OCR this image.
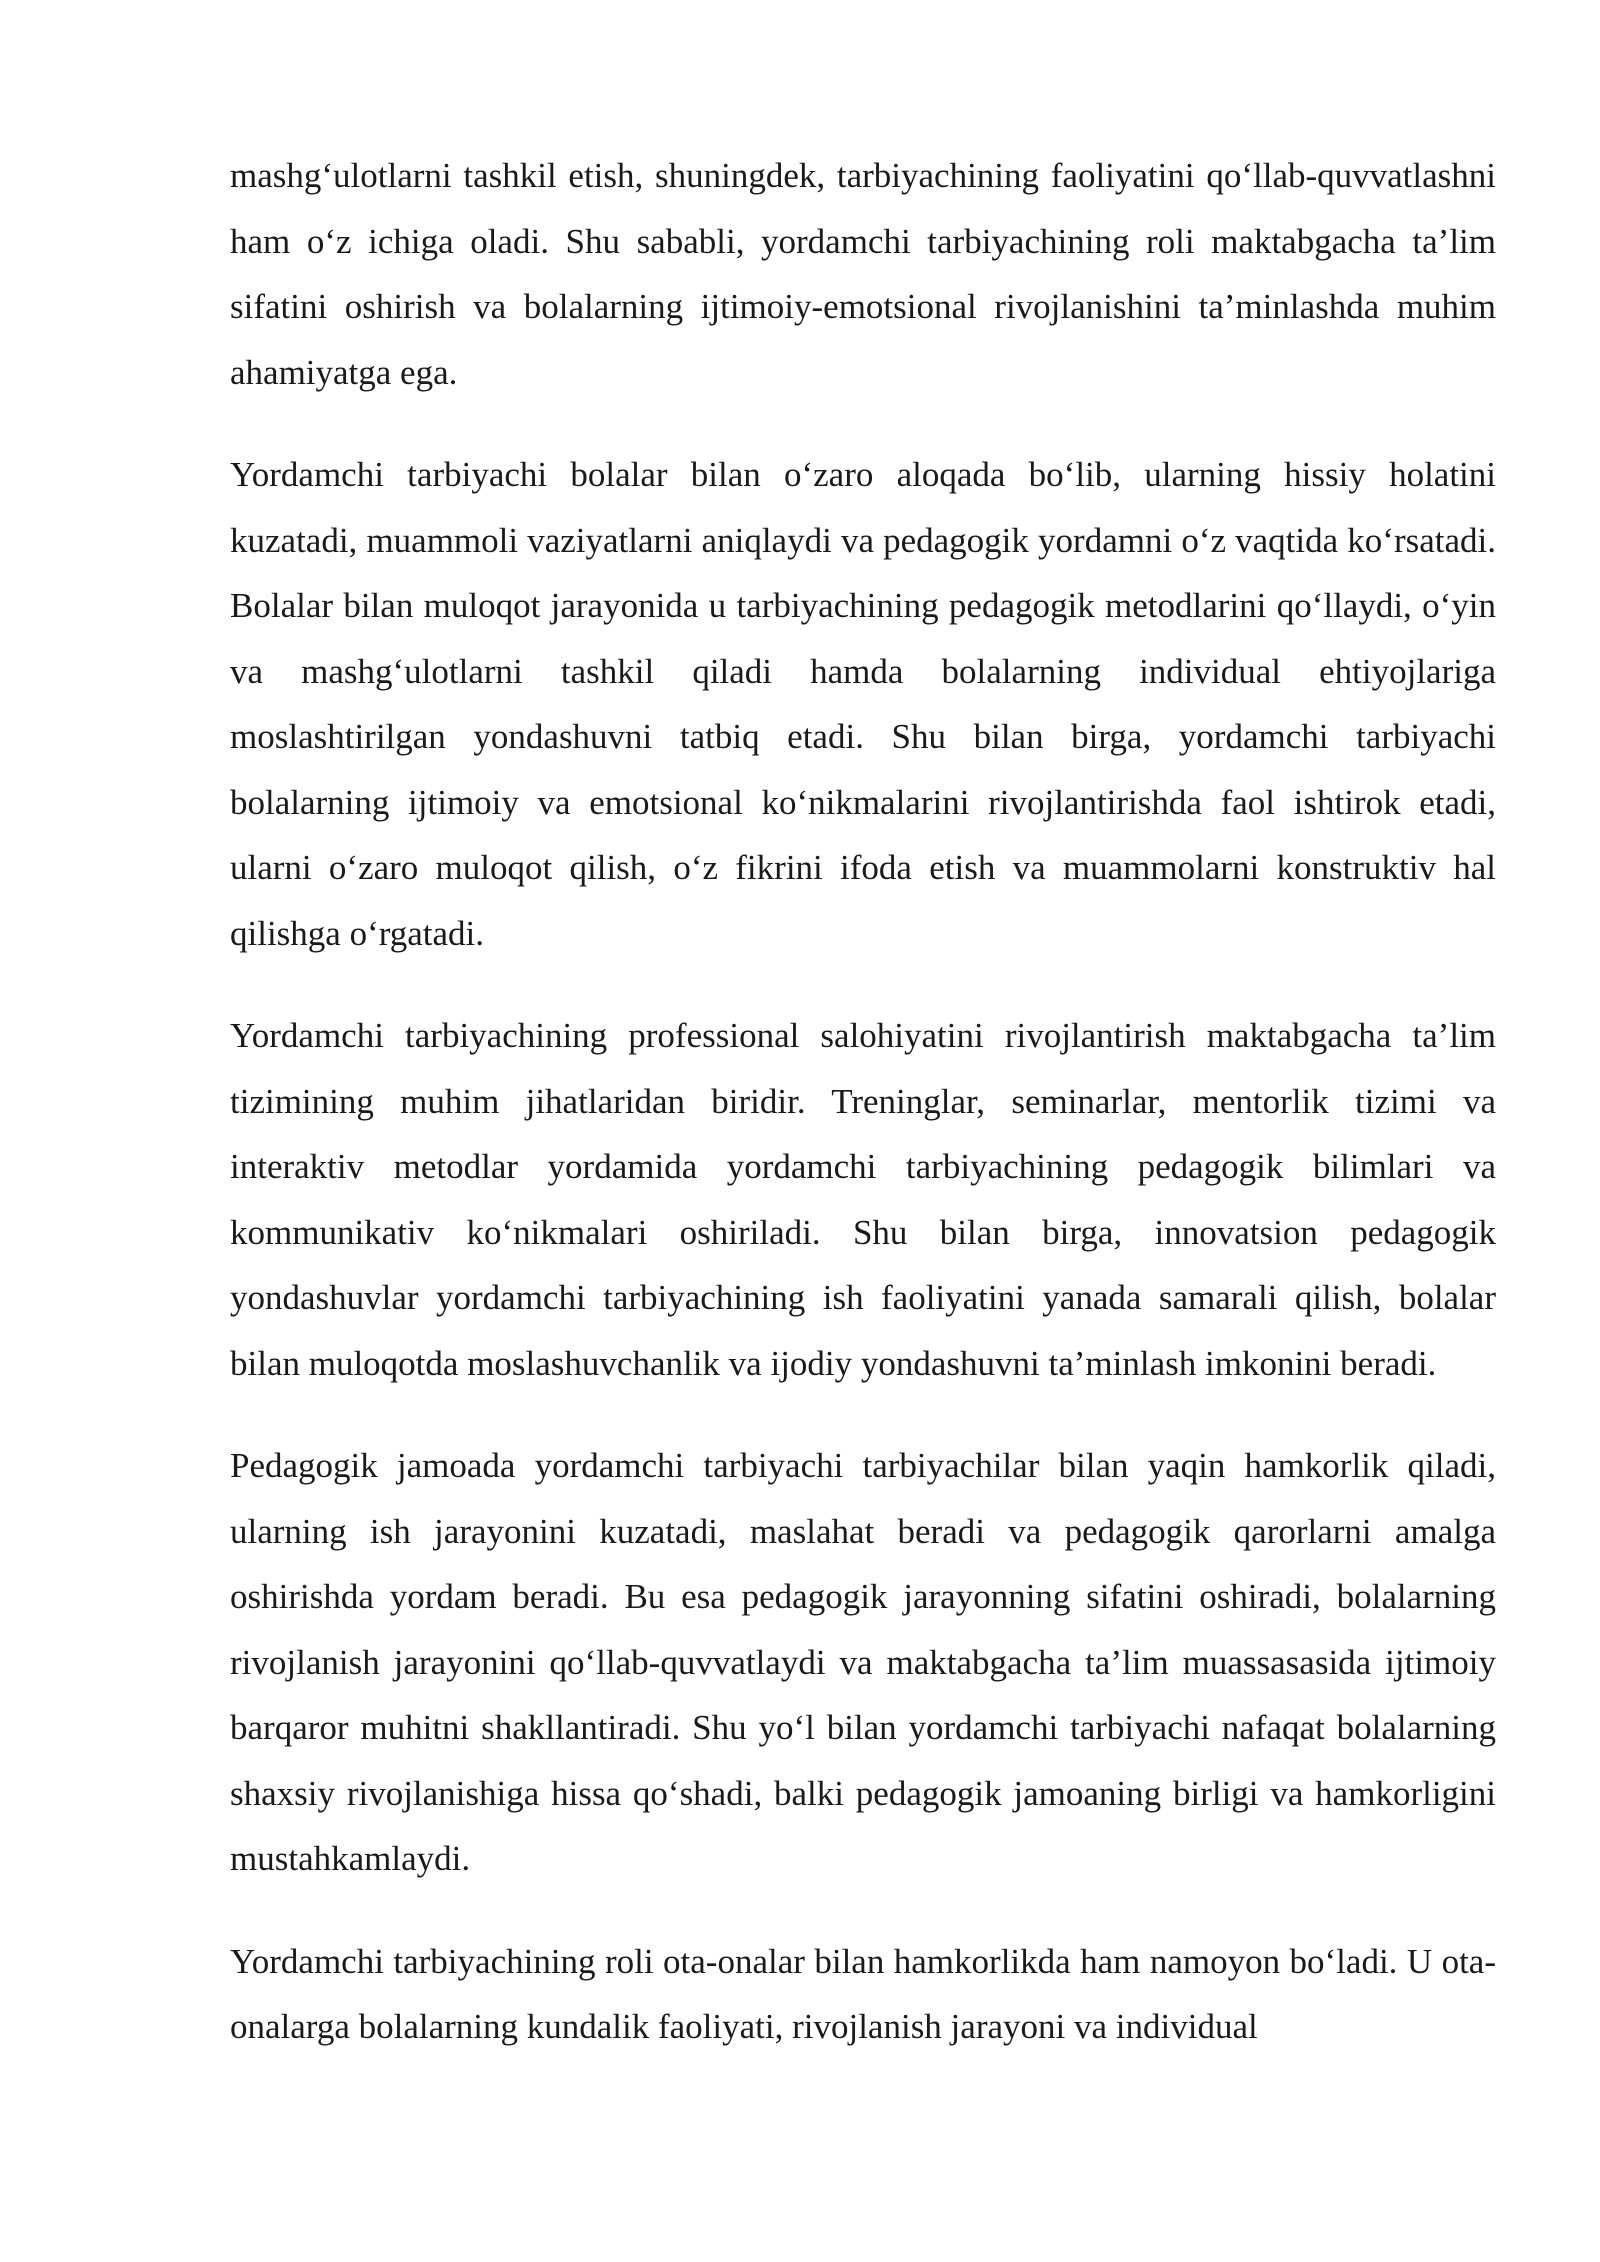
mashg‘ulotlarni tashkil etish, shuningdek, tarbiyachining faoliyatini qo‘llab-quvvatlashni ham o‘z ichiga oladi. Shu sababli, yordamchi tarbiyachining roli maktabgacha ta’lim sifatini oshirish va bolalarning ijtimoiy-emotsional rivojlanishini ta’minlashda muhim ahamiyatga ega.

Yordamchi tarbiyachi bolalar bilan o‘zaro aloqada bo‘lib, ularning hissiy holatini kuzatadi, muammoli vaziyatlarni aniqlaydi va pedagogik yordamni o‘z vaqtida ko‘rsatadi. Bolalar bilan muloqot jarayonida u tarbiyachining pedagogik metodlarini qo‘llaydi, o‘yin va mashg‘ulotlarni tashkil qiladi hamda bolalarning individual ehtiyojlariga moslashtirilgan yondashuvni tatbiq etadi. Shu bilan birga, yordamchi tarbiyachi bolalarning ijtimoiy va emotsional ko‘nikmalarini rivojlantirishda faol ishtirok etadi, ularni o‘zaro muloqot qilish, o‘z fikrini ifoda etish va muammolarni konstruktiv hal qilishga o‘rgatadi.

Yordamchi tarbiyachining professional salohiyatini rivojlantirish maktabgacha ta’lim tizimining muhim jihatlaridan biridir. Treninglar, seminarlar, mentorlik tizimi va interaktiv metodlar yordamida yordamchi tarbiyachining pedagogik bilimlari va kommunikativ ko‘nikmalari oshiriladi. Shu bilan birga, innovatsion pedagogik yondashuvlar yordamchi tarbiyachining ish faoliyatini yanada samarali qilish, bolalar bilan muloqotda moslashuvchanlik va ijodiy yondashuvni ta’minlash imkonini beradi.

Pedagogik jamoada yordamchi tarbiyachi tarbiyachilar bilan yaqin hamkorlik qiladi, ularning ish jarayonini kuzatadi, maslahat beradi va pedagogik qarorlarni amalga oshirishda yordam beradi. Bu esa pedagogik jarayonning sifatini oshiradi, bolalarning rivojlanish jarayonini qo‘llab-quvvatlaydi va maktabgacha ta’lim muassasasida ijtimoiy barqaror muhitni shakllantiradi. Shu yo‘l bilan yordamchi tarbiyachi nafaqat bolalarning shaxsiy rivojlanishiga hissa qo‘shadi, balki pedagogik jamoaning birligi va hamkorligini mustahkamlaydi.

Yordamchi tarbiyachining roli ota-onalar bilan hamkorlikda ham namoyon bo‘ladi. U ota-onalarga bolalarning kundalik faoliyati, rivojlanish jarayoni va individual
